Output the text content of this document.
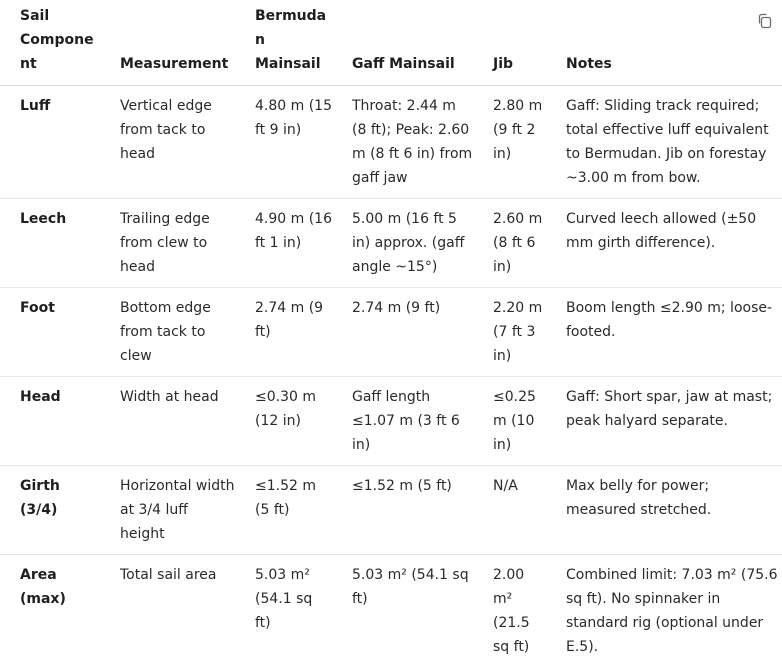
Sail Component	Measurement	Bermudan Mainsail	Gaff Mainsail	Jib	Notes
Luff	Vertical edge from tack to head	4.80 m (15 ft 9 in)	Throat: 2.44 m (8 ft); Peak: 2.60 m (8 ft 6 in) from gaff jaw	2.80 m (9 ft 2 in)	Gaff: Sliding track required; total effective luff equivalent to Bermudan. Jib on forestay ~3.00 m from bow.
Leech	Trailing edge from clew to head	4.90 m (16 ft 1 in)	5.00 m (16 ft 5 in) approx. (gaff angle ~15°)	2.60 m (8 ft 6 in)	Curved leech allowed (±50 mm girth difference).
Foot	Bottom edge from tack to clew	2.74 m (9 ft)	2.74 m (9 ft)	2.20 m (7 ft 3 in)	Boom length ≤2.90 m; loose-footed.
Head	Width at head	≤0.30 m (12 in)	Gaff length ≤1.07 m (3 ft 6 in)	≤0.25 m (10 in)	Gaff: Short spar, jaw at mast; peak halyard separate.
Girth (3/4)	Horizontal width at 3/4 luff height	≤1.52 m (5 ft)	≤1.52 m (5 ft)	N/A	Max belly for power; measured stretched.
Area (max)	Total sail area	5.03 m² (54.1 sq ft)	5.03 m² (54.1 sq ft)	2.00 m² (21.5 sq ft)	Combined limit: 7.03 m² (75.6 sq ft). No spinnaker in standard rig (optional under E.5).
